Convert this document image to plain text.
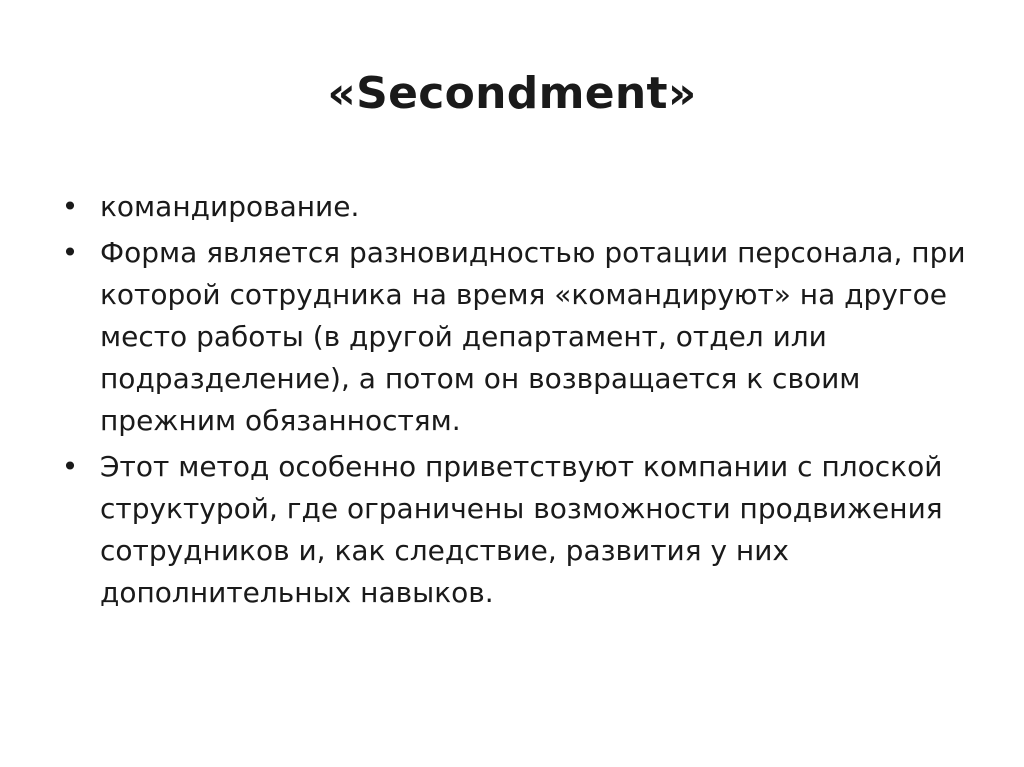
«Secondment»
• командирование.
• Форма является разновидностью ротации персонала, при которой сотрудника на время «командируют» на другое место работы (в другой департамент, отдел или подразделение), а потом он возвращается к своим прежним обязанностям.
• Этот метод особенно приветствуют компании с плоской структурой, где ограничены возможности продвижения сотрудников и, как следствие, развития у них дополнительных навыков.
